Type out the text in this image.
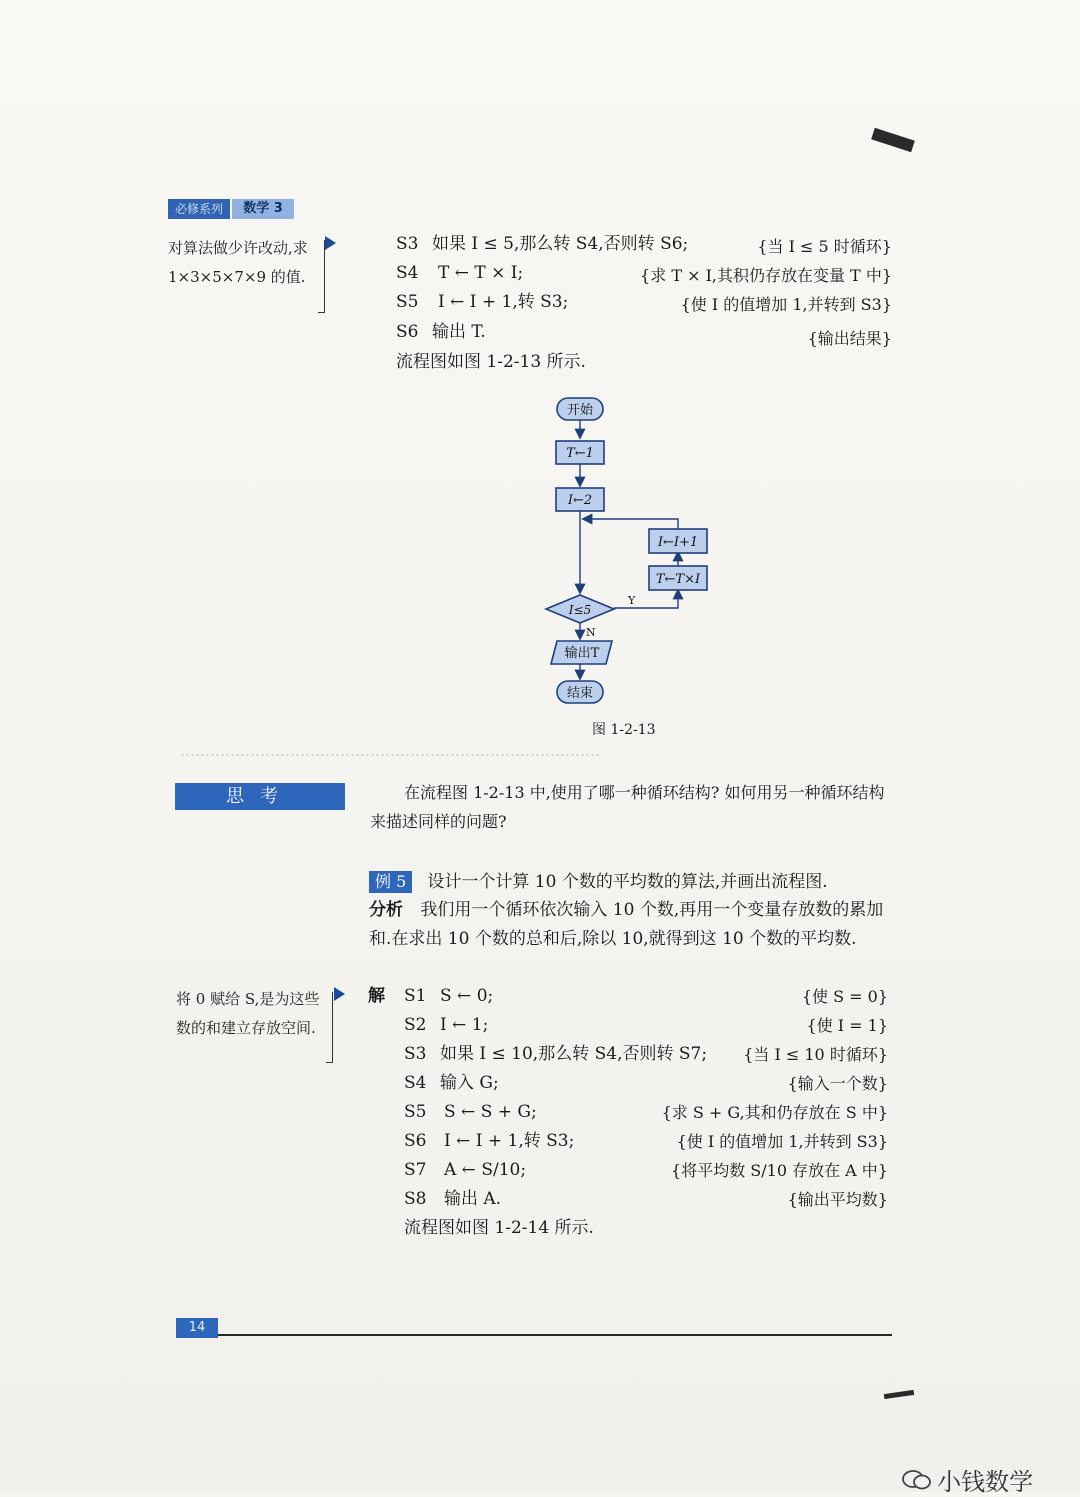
…………………………………………………………………………
必修系列	数学 3
对算法做少许改动,求 1×3×5×7×9 的值.
S3 如果 I ≤ 5,那么转 S4,否则转 S6;	{当 I ≤ 5 时循环}
S4 T ← T × I;	{求 T × I,其积仍存放在变量 T 中}
S5 I ← I + 1,转 S3;	{使 I 的值增加 1,并转到 S3}
S6 输出 T.	{输出结果}
流程图如图 1-2-13 所示.
开始
T←1
I←2
I←I+1
T←T×I
I≤5
Y
N
输出T
结束
图 1-2-13
思考	在流程图 1-2-13 中,使用了哪一种循环结构? 如何用另一种循环结构来描述同样的问题?
例 5 设计一个计算 10 个数的平均数的算法,并画出流程图.
分析 我们用一个循环依次输入 10 个数,再用一个变量存放数的累加和.在求出 10 个数的总和后,除以 10,就得到这 10 个数的平均数.
将 0 赋给 S,是为这些数的和建立存放空间.
解 S1 S ← 0;	{使 S = 0}
S2 I ← 1;	{使 I = 1}
S3 如果 I ≤ 10,那么转 S4,否则转 S7; {当 I ≤ 10 时循环}
S4 输入 G;	{输入一个数}
S5 S ← S + G;	{求 S + G,其和仍存放在 S 中}
S6 I ← I + 1,转 S3;	{使 I 的值增加 1,并转到 S3}
S7 A ← S/10;	{将平均数 S/10 存放在 A 中}
S8 输出 A.	{输出平均数}
流程图如图 1-2-14 所示.
14
小钱数学
